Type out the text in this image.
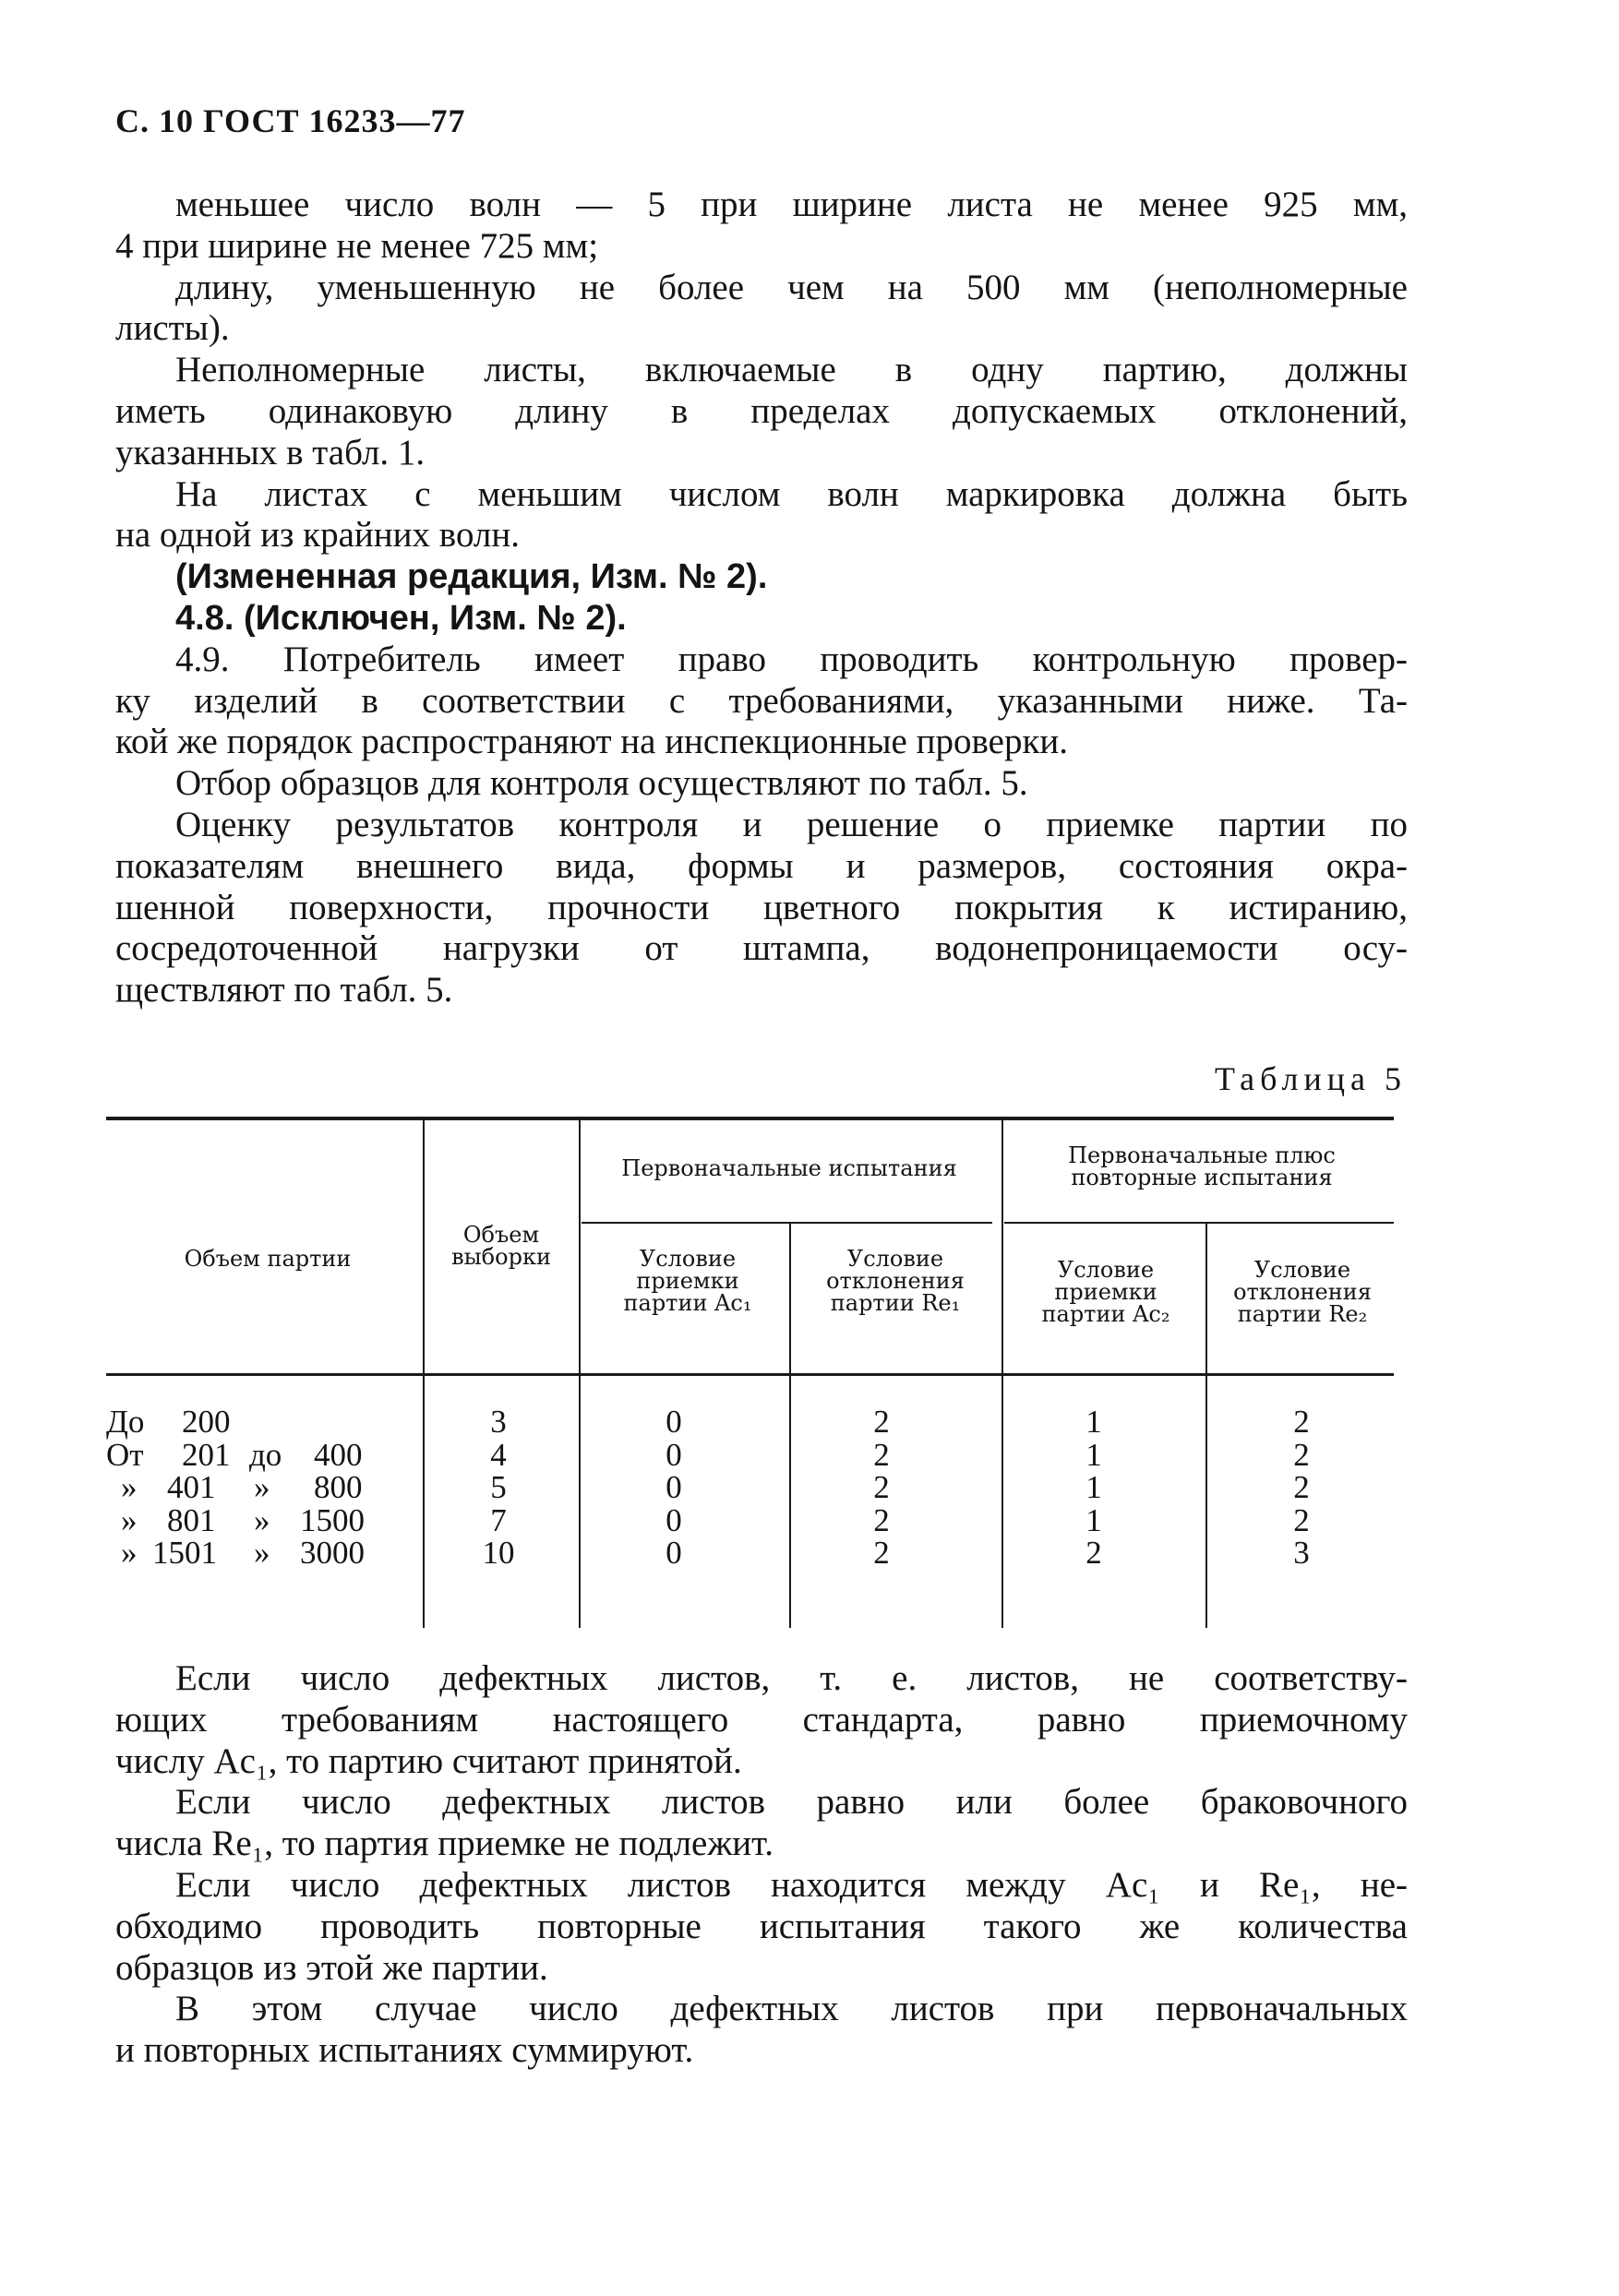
С. 10 ГОСТ 16233—77
меньшее число волн — 5 при ширине листа не менее 925 мм,
4 при ширине не менее 725 мм;
длину, уменьшенную не более чем на 500 мм (неполномерные
листы).
Неполномерные листы, включаемые в одну партию, должны
иметь одинаковую длину в пределах допускаемых отклонений,
указанных в табл. 1.
На листах с меньшим числом волн маркировка должна быть
на одной из крайних волн.
(Измененная редакция, Изм. № 2).
4.8. (Исключен, Изм. № 2).
4.9. Потребитель имеет право проводить контрольную провер-
ку изделий в соответствии с требованиями, указанными ниже. Та-
кой же порядок распространяют на инспекционные проверки.
Отбор образцов для контроля осуществляют по табл. 5.
Оценку результатов контроля и решение о приемке партии по
показателям внешнего вида, формы и размеров, состояния окра-
шенной поверхности, прочности цветного покрытия к истиранию,
сосредоточенной нагрузки от штампа, водонепроницаемости осу-
ществляют по табл. 5.
Таблица 5
Объем партии
Объем выборки
Первоначальные испытания	Первоначальные плюс повторные испытания
Условие приемки партии Ac₁
Условие отклонения партии Re₁
Условие приемки партии Ac₂
Условие отклонения партии Re₂
До 200
От 201 до 400
» 401 » 800
» 801 » 1500
» 1501 » 3000
3
4
5
7
10
0
0
0
0
0
2
2
2
2
2
1
1
1
1
2
2
2
2
2
3
Если число дефектных листов, т. е. листов, не соответству-
ющих требованиям настоящего стандарта, равно приемочному
числу Ac₁, то партию считают принятой.
Если число дефектных листов равно или более браковочного
числа Re₁, то партия приемке не подлежит.
Если число дефектных листов находится между Ac₁ и Re₁, не-
обходимо проводить повторные испытания такого же количества
образцов из этой же партии.
В этом случае число дефектных листов при первоначальных
и повторных испытаниях суммируют.
